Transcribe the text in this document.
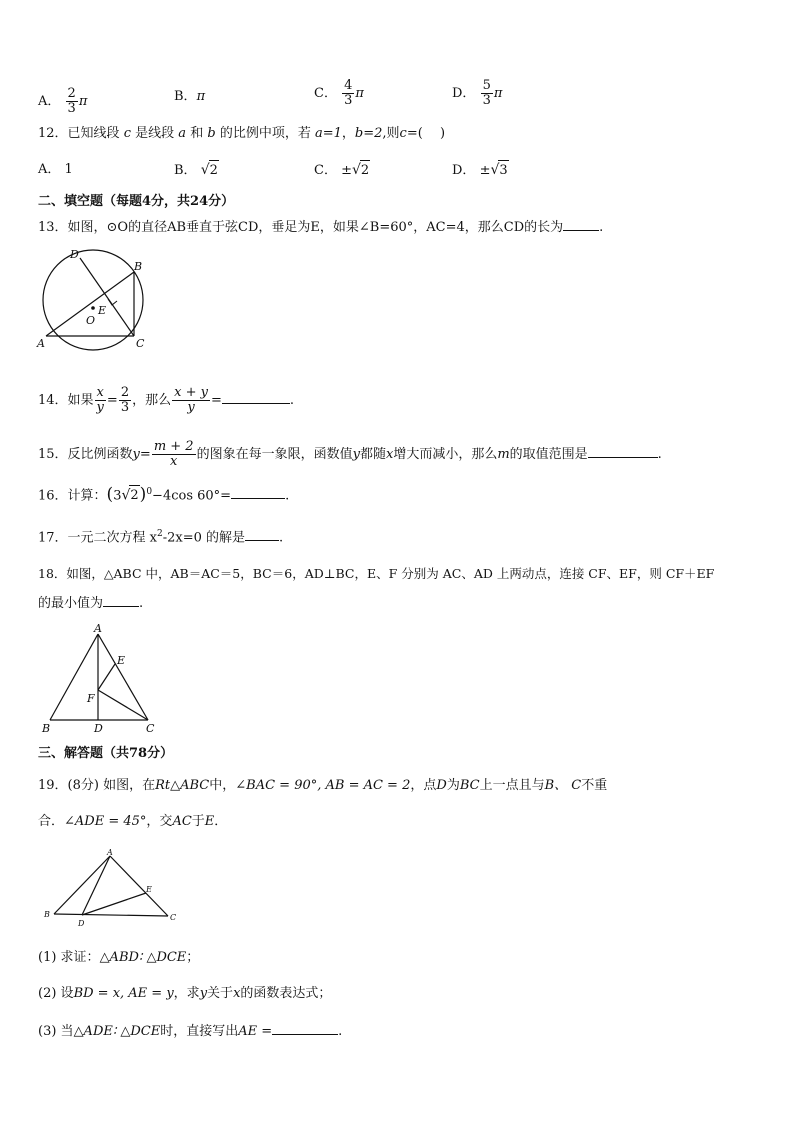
A． $\frac{2}{3}$ π	B．π	C． $\frac{4}{3}$ π	D． $\frac{5}{3}$ π
12．已知线段 c 是线段 a 和 b 的比例中项，若 a=1，b=2,则c=(　 )
A． 1	B． √2	C． ±√2	D． ±√3
二、填空题（每题4分，共24分）
13．如图，⊙O的直径AB垂直于弦CD，垂足为E，如果∠B=60°，AC=4，那么CD的长为	.
D
B
E
O
A	C
14．如果 $\frac{x}{y} = \frac{2}{3}$ ，那么 $\frac{x + y}{y}$ =	.
15．反比例函数$y= \frac{m + 2}{x}$ 的图象在每一象限，函数值y都随x增大而减小，那么m的取值范围是	.
16．计算：$(3√2)^0-4\cos$ 60°=	.
17．一元二次方程 $x^2-2x=0$ 的解是	.
18．如图，△ABC 中，AB＝AC＝5，BC＝6，AD⊥BC，E、F 分别为 AC、AD 上两动点，连接 CF、EF，则 CF＋EF
的最小值为	.
A
E
F
B	D	C
三、解答题（共78分）
19．(8分) 如图，在Rt△ABC中，∠BAC = 90°, AB = AC = 2，点D为BC上一点且与B、 C不重
合．∠ADE = 45°，交AC于E．
A
E
B
D
C
(1) 求证：△ABD∶ △DCE；
(2) 设BD = x, AE = y，求y关于x的函数表达式；
(3) 当△ADE∶ △DCE时，直接写出AE =	.
